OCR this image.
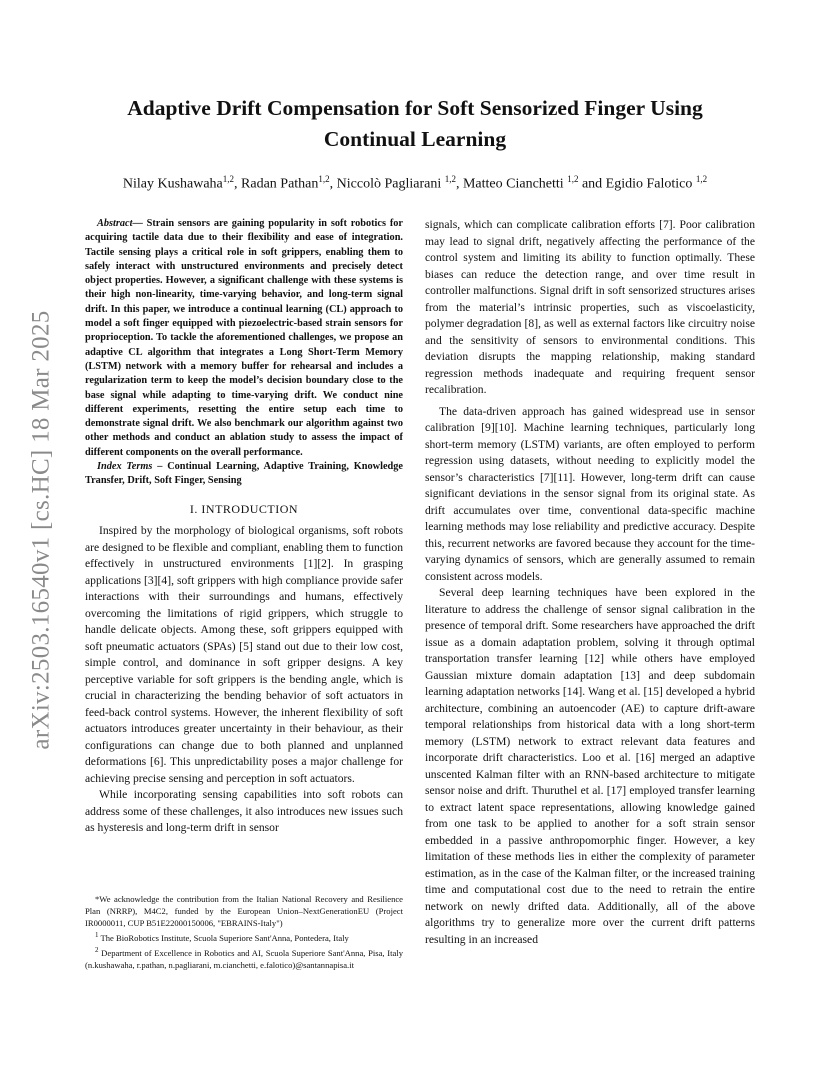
arXiv:2503.16540v1 [cs.HC] 18 Mar 2025
Adaptive Drift Compensation for Soft Sensorized Finger Using Continual Learning
Nilay Kushawaha$^{1,2}$, Radan Pathan$^{1,2}$, Niccolò Pagliarani $^{1,2}$, Matteo Cianchetti $^{1,2}$ and Egidio Falotico $^{1,2}$

Abstract— Strain sensors are gaining popularity in soft robotics for acquiring tactile data due to their flexibility and ease of integration. Tactile sensing plays a critical role in soft grippers, enabling them to safely interact with unstructured environments and precisely detect object properties. However, a significant challenge with these systems is their high non-linearity, time-varying behavior, and long-term signal drift. In this paper, we introduce a continual learning (CL) approach to model a soft finger equipped with piezoelectric-based strain sensors for proprioception. To tackle the aforementioned challenges, we propose an adaptive CL algorithm that integrates a Long Short-Term Memory (LSTM) network with a memory buffer for rehearsal and includes a regularization term to keep the model’s decision boundary close to the base signal while adapting to time-varying drift. We conduct nine different experiments, resetting the entire setup each time to demonstrate signal drift. We also benchmark our algorithm against two other methods and conduct an ablation study to assess the impact of different components on the overall performance.

Index Terms – Continual Learning, Adaptive Training, Knowledge Transfer, Drift, Soft Finger, Sensing

I. INTRODUCTION

Inspired by the morphology of biological organisms, soft robots are designed to be flexible and compliant, enabling them to function effectively in unstructured environments [1][2]. In grasping applications [3][4], soft grippers with high compliance provide safer interactions with their surroundings and humans, effectively overcoming the limitations of rigid grippers, which struggle to handle delicate objects. Among these, soft grippers equipped with soft pneumatic actuators (SPAs) [5] stand out due to their low cost, simple control, and dominance in soft gripper designs. A key perceptive variable for soft grippers is the bending angle, which is crucial in characterizing the bending behavior of soft actuators in feed-back control systems. However, the inherent flexibility of soft actuators introduces greater uncertainty in their behaviour, as their configurations can change due to both planned and unplanned deformations [6]. This unpredictability poses a major challenge for achieving precise sensing and perception in soft actuators.

While incorporating sensing capabilities into soft robots can address some of these challenges, it also introduces new issues such as hysteresis and long-term drift in sensor

*We acknowledge the contribution from the Italian National Recovery and Resilience Plan (NRRP), M4C2, funded by the European Union–NextGenerationEU (Project IR0000011, CUP B51E22000150006, "EBRAINS-Italy")

$^1$ The BioRobotics Institute, Scuola Superiore Sant'Anna, Pontedera, Italy

$^2$ Department of Excellence in Robotics and AI, Scuola Superiore Sant'Anna, Pisa, Italy (n.kushawaha, r.pathan, n.pagliarani, m.cianchetti, e.falotico)@santannapisa.it

signals, which can complicate calibration efforts [7]. Poor calibration may lead to signal drift, negatively affecting the performance of the control system and limiting its ability to function optimally. These biases can reduce the detection range, and over time result in controller malfunctions. Signal drift in soft sensorized structures arises from the material’s intrinsic properties, such as viscoelasticity, polymer degradation [8], as well as external factors like circuitry noise and the sensitivity of sensors to environmental conditions. This deviation disrupts the mapping relationship, making standard regression methods inadequate and requiring frequent sensor recalibration.

The data-driven approach has gained widespread use in sensor calibration [9][10]. Machine learning techniques, particularly long short-term memory (LSTM) variants, are often employed to perform regression using datasets, without needing to explicitly model the sensor’s characteristics [7][11]. However, long-term drift can cause significant deviations in the sensor signal from its original state. As drift accumulates over time, conventional data-specific machine learning methods may lose reliability and predictive accuracy. Despite this, recurrent networks are favored because they account for the time-varying dynamics of sensors, which are generally assumed to remain consistent across models.

Several deep learning techniques have been explored in the literature to address the challenge of sensor signal calibration in the presence of temporal drift. Some researchers have approached the drift issue as a domain adaptation problem, solving it through optimal transportation transfer learning [12] while others have employed Gaussian mixture domain adaptation [13] and deep subdomain learning adaptation networks [14]. Wang et al. [15] developed a hybrid architecture, combining an autoencoder (AE) to capture drift-aware temporal relationships from historical data with a long short-term memory (LSTM) network to extract relevant data features and incorporate drift characteristics. Loo et al. [16] merged an adaptive unscented Kalman filter with an RNN-based architecture to mitigate sensor noise and drift. Thuruthel et al. [17] employed transfer learning to extract latent space representations, allowing knowledge gained from one task to be applied to another for a soft strain sensor embedded in a passive anthropomorphic finger. However, a key limitation of these methods lies in either the complexity of parameter estimation, as in the case of the Kalman filter, or the increased training time and computational cost due to the need to retrain the entire network on newly drifted data. Additionally, all of the above algorithms try to generalize more over the current drift patterns resulting in an increased
